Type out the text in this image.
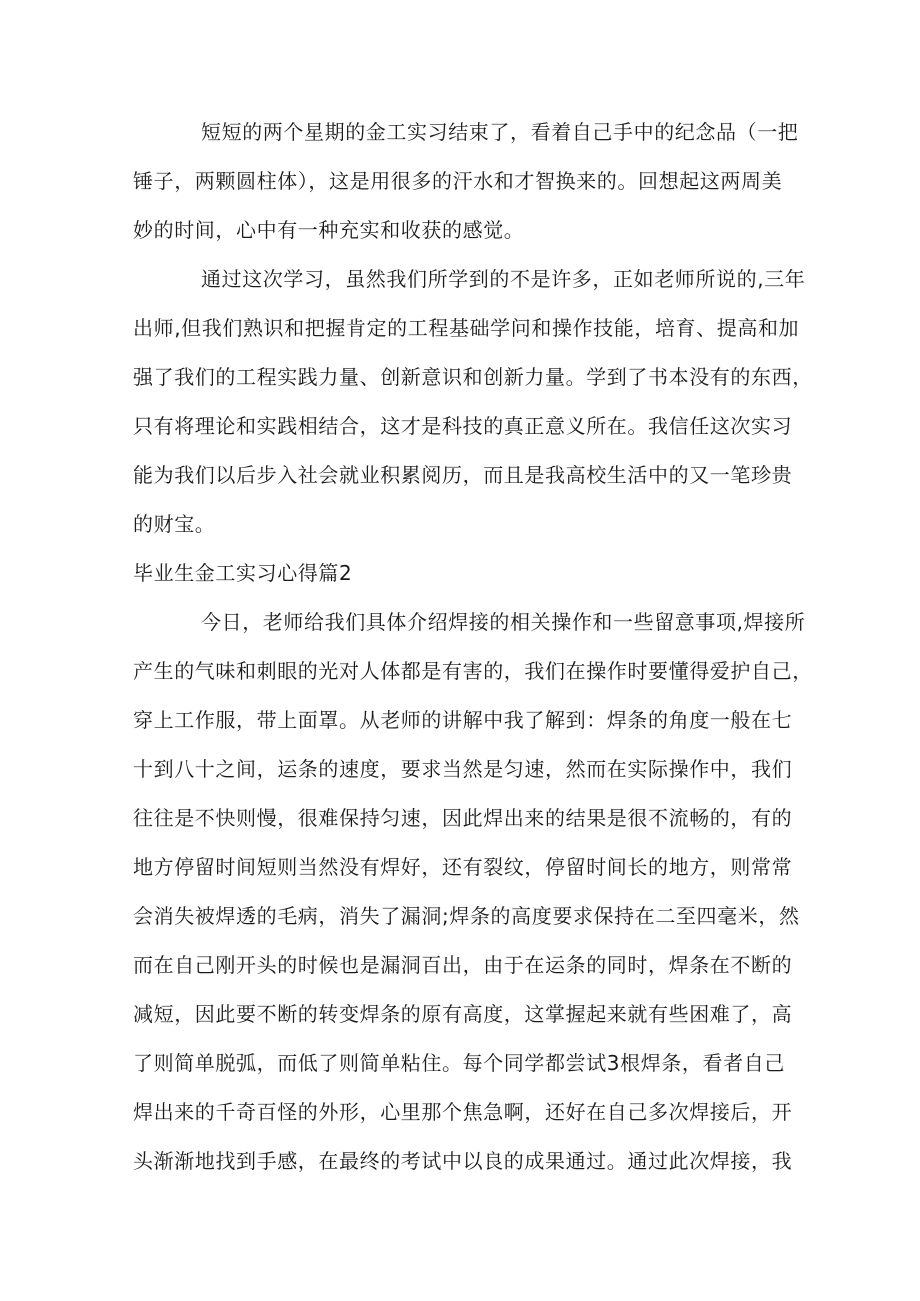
短短的两个星期的金工实习结束了，看着自己手中的纪念品（一把
锤子，两颗圆柱体），这是用很多的汗水和才智换来的。回想起这两周美
妙的时间，心中有一种充实和收获的感觉。
通过这次学习，虽然我们所学到的不是许多，正如老师所说的,三年
出师,但我们熟识和把握肯定的工程基础学问和操作技能，培育、提高和加
强了我们的工程实践力量、创新意识和创新力量。学到了书本没有的东西，
只有将理论和实践相结合，这才是科技的真正意义所在。我信任这次实习
能为我们以后步入社会就业积累阅历，而且是我高校生活中的又一笔珍贵
的财宝。
毕业生金工实习心得篇2
今日，老师给我们具体介绍焊接的相关操作和一些留意事项,焊接所
产生的气味和刺眼的光对人体都是有害的，我们在操作时要懂得爱护自己，
穿上工作服，带上面罩。从老师的讲解中我了解到：焊条的角度一般在七
十到八十之间，运条的速度，要求当然是匀速，然而在实际操作中，我们
往往是不快则慢，很难保持匀速，因此焊出来的结果是很不流畅的，有的
地方停留时间短则当然没有焊好，还有裂纹，停留时间长的地方，则常常
会消失被焊透的毛病，消失了漏洞;焊条的高度要求保持在二至四毫米，然
而在自己刚开头的时候也是漏洞百出，由于在运条的同时，焊条在不断的
减短，因此要不断的转变焊条的原有高度，这掌握起来就有些困难了，高
了则简单脱弧，而低了则简单粘住。每个同学都尝试3根焊条，看者自己
焊出来的千奇百怪的外形，心里那个焦急啊，还好在自己多次焊接后，开
头渐渐地找到手感，在最终的考试中以良的成果通过。通过此次焊接，我
